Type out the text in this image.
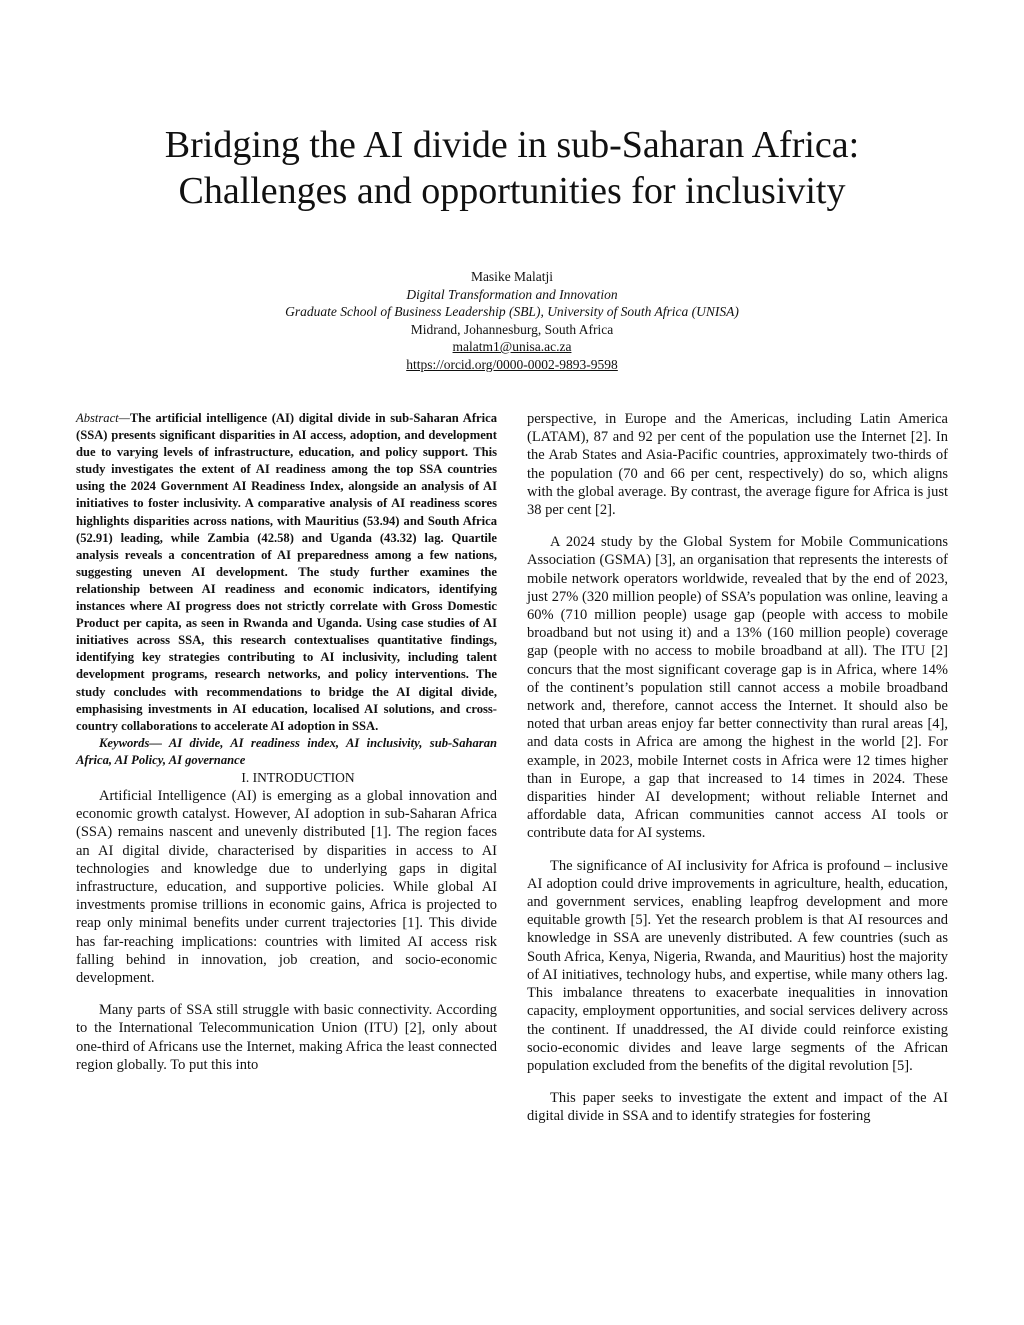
Bridging the AI divide in sub-Saharan Africa:
Challenges and opportunities for inclusivity
Masike Malatji
Digital Transformation and Innovation
Graduate School of Business Leadership (SBL), University of South Africa (UNISA)
Midrand, Johannesburg, South Africa
malatm1@unisa.ac.za
https://orcid.org/0000-0002-9893-9598

Abstract—The artificial intelligence (AI) digital divide in sub-Saharan Africa (SSA) presents significant disparities in AI access, adoption, and development due to varying levels of infrastructure, education, and policy support. This study investigates the extent of AI readiness among the top SSA countries using the 2024 Government AI Readiness Index, alongside an analysis of AI initiatives to foster inclusivity. A comparative analysis of AI readiness scores highlights disparities across nations, with Mauritius (53.94) and South Africa (52.91) leading, while Zambia (42.58) and Uganda (43.32) lag. Quartile analysis reveals a concentration of AI preparedness among a few nations, suggesting uneven AI development. The study further examines the relationship between AI readiness and economic indicators, identifying instances where AI progress does not strictly correlate with Gross Domestic Product per capita, as seen in Rwanda and Uganda. Using case studies of AI initiatives across SSA, this research contextualises quantitative findings, identifying key strategies contributing to AI inclusivity, including talent development programs, research networks, and policy interventions. The study concludes with recommendations to bridge the AI digital divide, emphasising investments in AI education, localised AI solutions, and cross-country collaborations to accelerate AI adoption in SSA.

Keywords— AI divide, AI readiness index, AI inclusivity, sub-Saharan Africa, AI Policy, AI governance

I. INTRODUCTION

Artificial Intelligence (AI) is emerging as a global innovation and economic growth catalyst. However, AI adoption in sub-Saharan Africa (SSA) remains nascent and unevenly distributed [1]. The region faces an AI digital divide, characterised by disparities in access to AI technologies and knowledge due to underlying gaps in digital infrastructure, education, and supportive policies. While global AI investments promise trillions in economic gains, Africa is projected to reap only minimal benefits under current trajectories [1]. This divide has far-reaching implications: countries with limited AI access risk falling behind in innovation, job creation, and socio-economic development.

Many parts of SSA still struggle with basic connectivity. According to the International Telecommunication Union (ITU) [2], only about one-third of Africans use the Internet, making Africa the least connected region globally. To put this into

perspective, in Europe and the Americas, including Latin America (LATAM), 87 and 92 per cent of the population use the Internet [2]. In the Arab States and Asia-Pacific countries, approximately two-thirds of the population (70 and 66 per cent, respectively) do so, which aligns with the global average. By contrast, the average figure for Africa is just 38 per cent [2].

A 2024 study by the Global System for Mobile Communications Association (GSMA) [3], an organisation that represents the interests of mobile network operators worldwide, revealed that by the end of 2023, just 27% (320 million people) of SSA’s population was online, leaving a 60% (710 million people) usage gap (people with access to mobile broadband but not using it) and a 13% (160 million people) coverage gap (people with no access to mobile broadband at all). The ITU [2] concurs that the most significant coverage gap is in Africa, where 14% of the continent’s population still cannot access a mobile broadband network and, therefore, cannot access the Internet. It should also be noted that urban areas enjoy far better connectivity than rural areas [4], and data costs in Africa are among the highest in the world [2]. For example, in 2023, mobile Internet costs in Africa were 12 times higher than in Europe, a gap that increased to 14 times in 2024. These disparities hinder AI development; without reliable Internet and affordable data, African communities cannot access AI tools or contribute data for AI systems.

The significance of AI inclusivity for Africa is profound – inclusive AI adoption could drive improvements in agriculture, health, education, and government services, enabling leapfrog development and more equitable growth [5]. Yet the research problem is that AI resources and knowledge in SSA are unevenly distributed. A few countries (such as South Africa, Kenya, Nigeria, Rwanda, and Mauritius) host the majority of AI initiatives, technology hubs, and expertise, while many others lag. This imbalance threatens to exacerbate inequalities in innovation capacity, employment opportunities, and social services delivery across the continent. If unaddressed, the AI divide could reinforce existing socio-economic divides and leave large segments of the African population excluded from the benefits of the digital revolution [5].

This paper seeks to investigate the extent and impact of the AI digital divide in SSA and to identify strategies for fostering
